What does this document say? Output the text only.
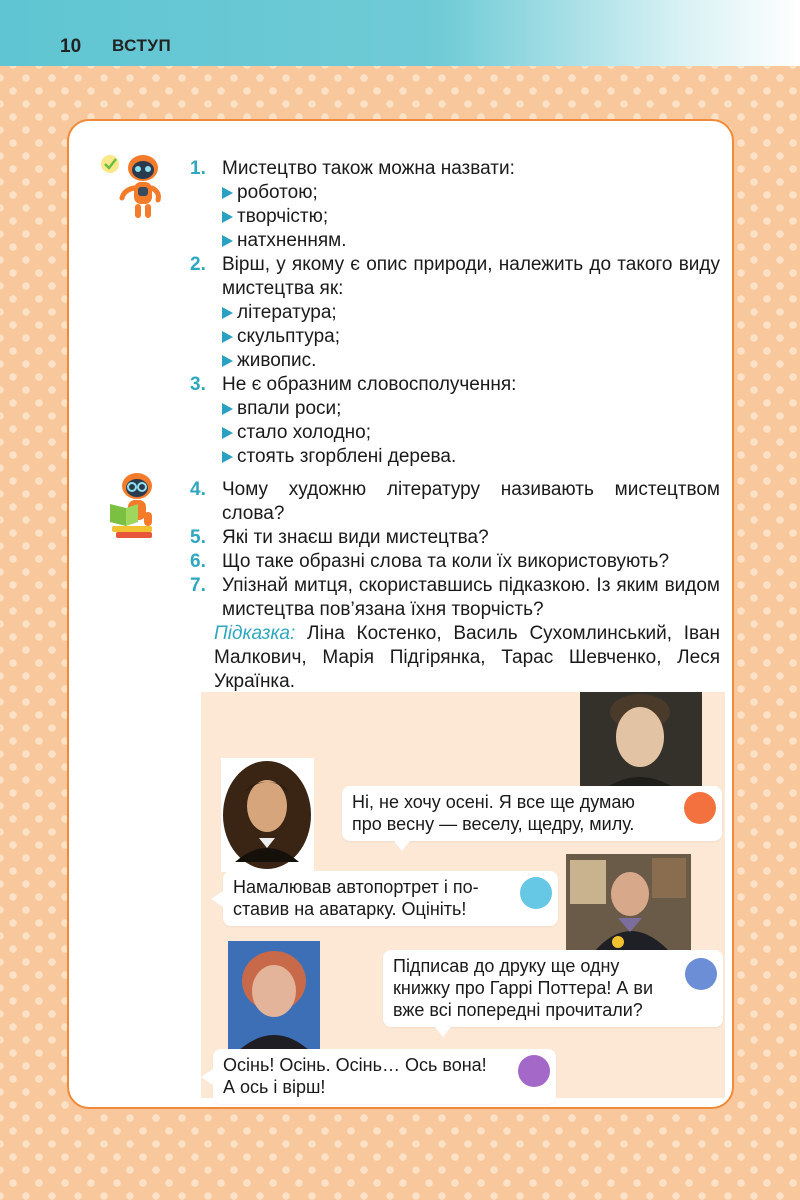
10 ВСТУП
1. Мистецтво також можна назвати:
роботою;
творчістю;
натхненням.
2. Вірш, у якому є опис природи, належить до такого виду мистецтва як:
література;
скульптура;
живопис.
3. Не є образним словосполучення:
впали роси;
стало холодно;
стоять згорблені дерева.
4. Чому художню літературу називають мистецтвом слова?
5. Які ти знаєш види мистецтва?
6. Що таке образні слова та коли їх використовують?
7. Упізнай митця, скориставшись підказкою. Із яким видом мистецтва пов’язана їхня творчість?
Підказка: Ліна Костенко, Василь Сухомлинський, Іван Малкович, Марія Підгірянка, Тарас Шевченко, Леся Українка.
Ні, не хочу осені. Я все ще думаю
про весну — веселу, щедру, милу.
Намалював автопортрет і по-
ставив на аватарку. Оцініть!
Підписав до друку ще одну
книжку про Гаррі Поттера! А ви
вже всі попередні прочитали?
Осінь! Осінь. Осінь… Ось вона!
А ось і вірш!
